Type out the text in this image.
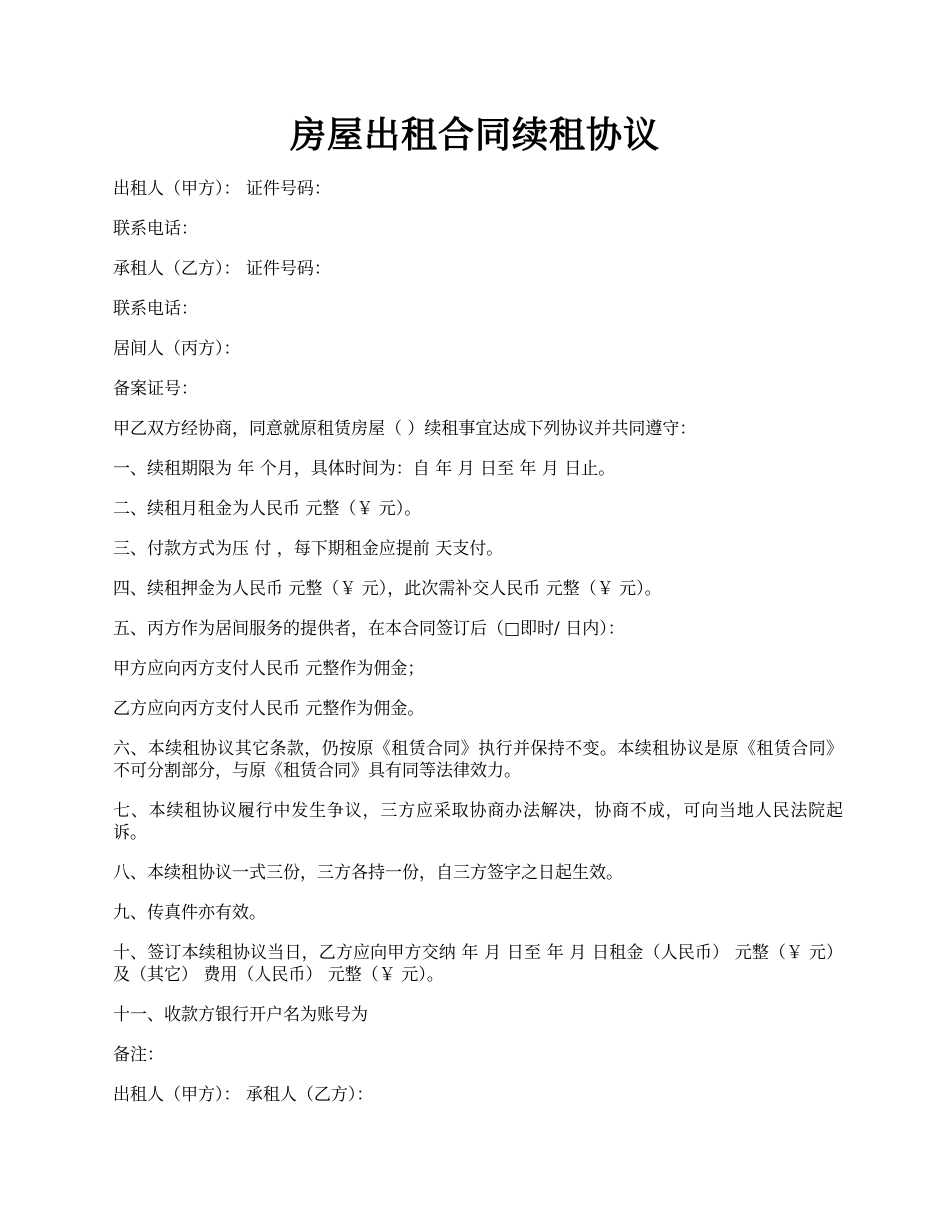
房屋出租合同续租协议

出租人（甲方）： 证件号码：

联系电话：

承租人（乙方）： 证件号码：

联系电话：

居间人（丙方）：

备案证号：

甲乙双方经协商，同意就原租赁房屋（ ）续租事宜达成下列协议并共同遵守：

一、续租期限为 年 个月，具体时间为：自 年 月 日至 年 月 日止。

二、续租月租金为人民币 元整（￥ 元）。

三、付款方式为压 付 ，每下期租金应提前 天支付。

四、续租押金为人民币 元整（￥ 元），此次需补交人民币 元整（￥ 元）。

五、丙方作为居间服务的提供者，在本合同签订后（□即时/ 日内）：

甲方应向丙方支付人民币 元整作为佣金；

乙方应向丙方支付人民币 元整作为佣金。

六、本续租协议其它条款，仍按原《租赁合同》执行并保持不变。本续租协议是原《租赁合同》不可分割部分，与原《租赁合同》具有同等法律效力。

七、本续租协议履行中发生争议，三方应采取协商办法解决，协商不成，可向当地人民法院起诉。

八、本续租协议一式三份，三方各持一份，自三方签字之日起生效。

九、传真件亦有效。

十、签订本续租协议当日，乙方应向甲方交纳 年 月 日至 年 月 日租金（人民币） 元整（￥ 元）及（其它） 费用（人民币） 元整（￥ 元）。

十一、收款方银行开户名为账号为

备注：

出租人（甲方）： 承租人（乙方）：
